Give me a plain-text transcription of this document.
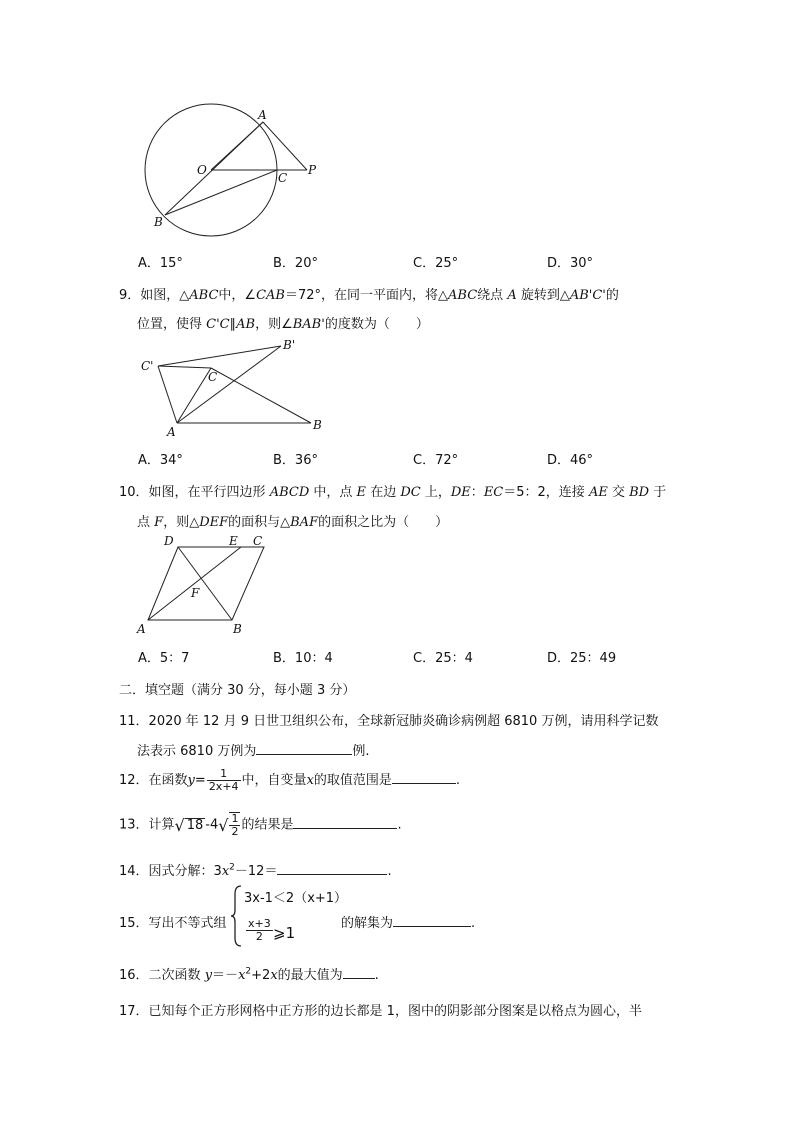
A
O
C
P
B
A．15°	B．20°	C．25°	D．30°
9．如图，△ABC中，∠CAB＝72°，在同一平面内，将△ABC绕点 A 旋转到△AB'C'的
位置，使得 C'C∥AB，则∠BAB'的度数为（　　）
C'
B'
C
A	B
A．34°	B．36°	C．72°	D．46°
10．如图，在平行四边形 ABCD 中，点 E 在边 DC 上，DE：EC＝5：2，连接 AE 交 BD 于
点 F，则△DEF的面积与△BAF的面积之比为（　　）
D	E C
F
A	B
A．5：7	B．10：4	C．25：4	D．25：49
二．填空题（满分 30 分，每小题 3 分）
11．2020 年 12 月 9 日世卫组织公布，全球新冠肺炎确诊病例超 6810 万例，请用科学记数
法表示 6810 万例为	例.
12．在函数$y= \frac{1}{2x+4}$ 中，自变量x的取值范围是	.
13．计算√ 18 $-4√ \frac{1}{2}$ 的结果是	.
14．因式分解：$3x^2-12=$	.
15．写出不等式组
3x-1＜2（x+1）
$\frac{x+3}{2}$ ⩾1
的解集为	.
16．二次函数 $y=-x^2+2x$的最大值为 .
17．已知每个正方形网格中正方形的边长都是 1，图中的阴影部分图案是以格点为圆心，半
